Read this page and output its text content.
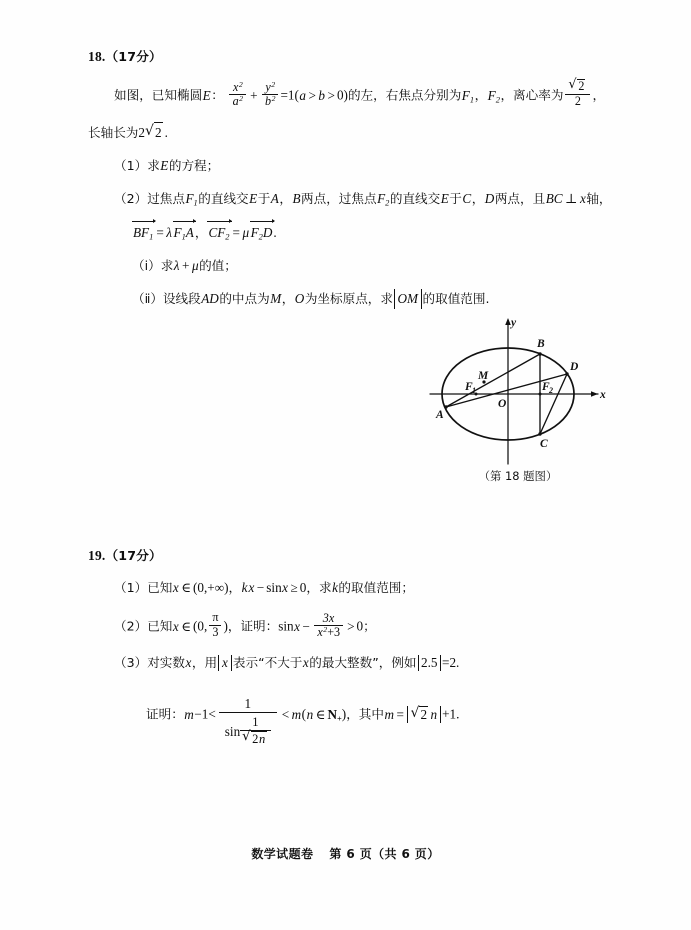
18.（17分）
如图，已知椭圆E： $\frac{x^2}{a^2} + \frac{y^2}{b^2} =1(a > b > 0)$的左，右焦点分别为$F_1$，$F_2$，离心率为 √ $\frac{2}{2}$ ，
长轴长为2 √ 2 .
（1）求E的方程；
（2）过焦点$F_1$的直线交E于A，B两点，过焦点$F_2$的直线交E于C，D两点，且BC ⊥ x轴，
$BF_1 = \lambda$ $F_1A$，
$CF_2 = \mu$ $F_2D$.
（ⅰ）求λ + μ的值；
（ⅱ）设线段AD的中点为M，O为坐标原点，求 OM 的取值范围.
y
x
O
A
B
C
D
M
F 1	F 2
（第 18 题图）
19.（17分）
（1）已知x ∈ (0,+∞)，kx − sinx ≥ 0，求k的取值范围；
（2）已知x ∈ (0, $\frac{\pi}{3}$ )，证明：$\sin x - \frac{3x}{x^2+3} > 0$；
（3）对实数x，用 x 表示“不大于x的最大整数”，例如 2.5 =2.
证明：m−1< 1
sin 1
√ 2n < m(n ∈ $N_+$)，其中m = √ 2 n +1.
数学试题卷 第 6 页（共 6 页）
